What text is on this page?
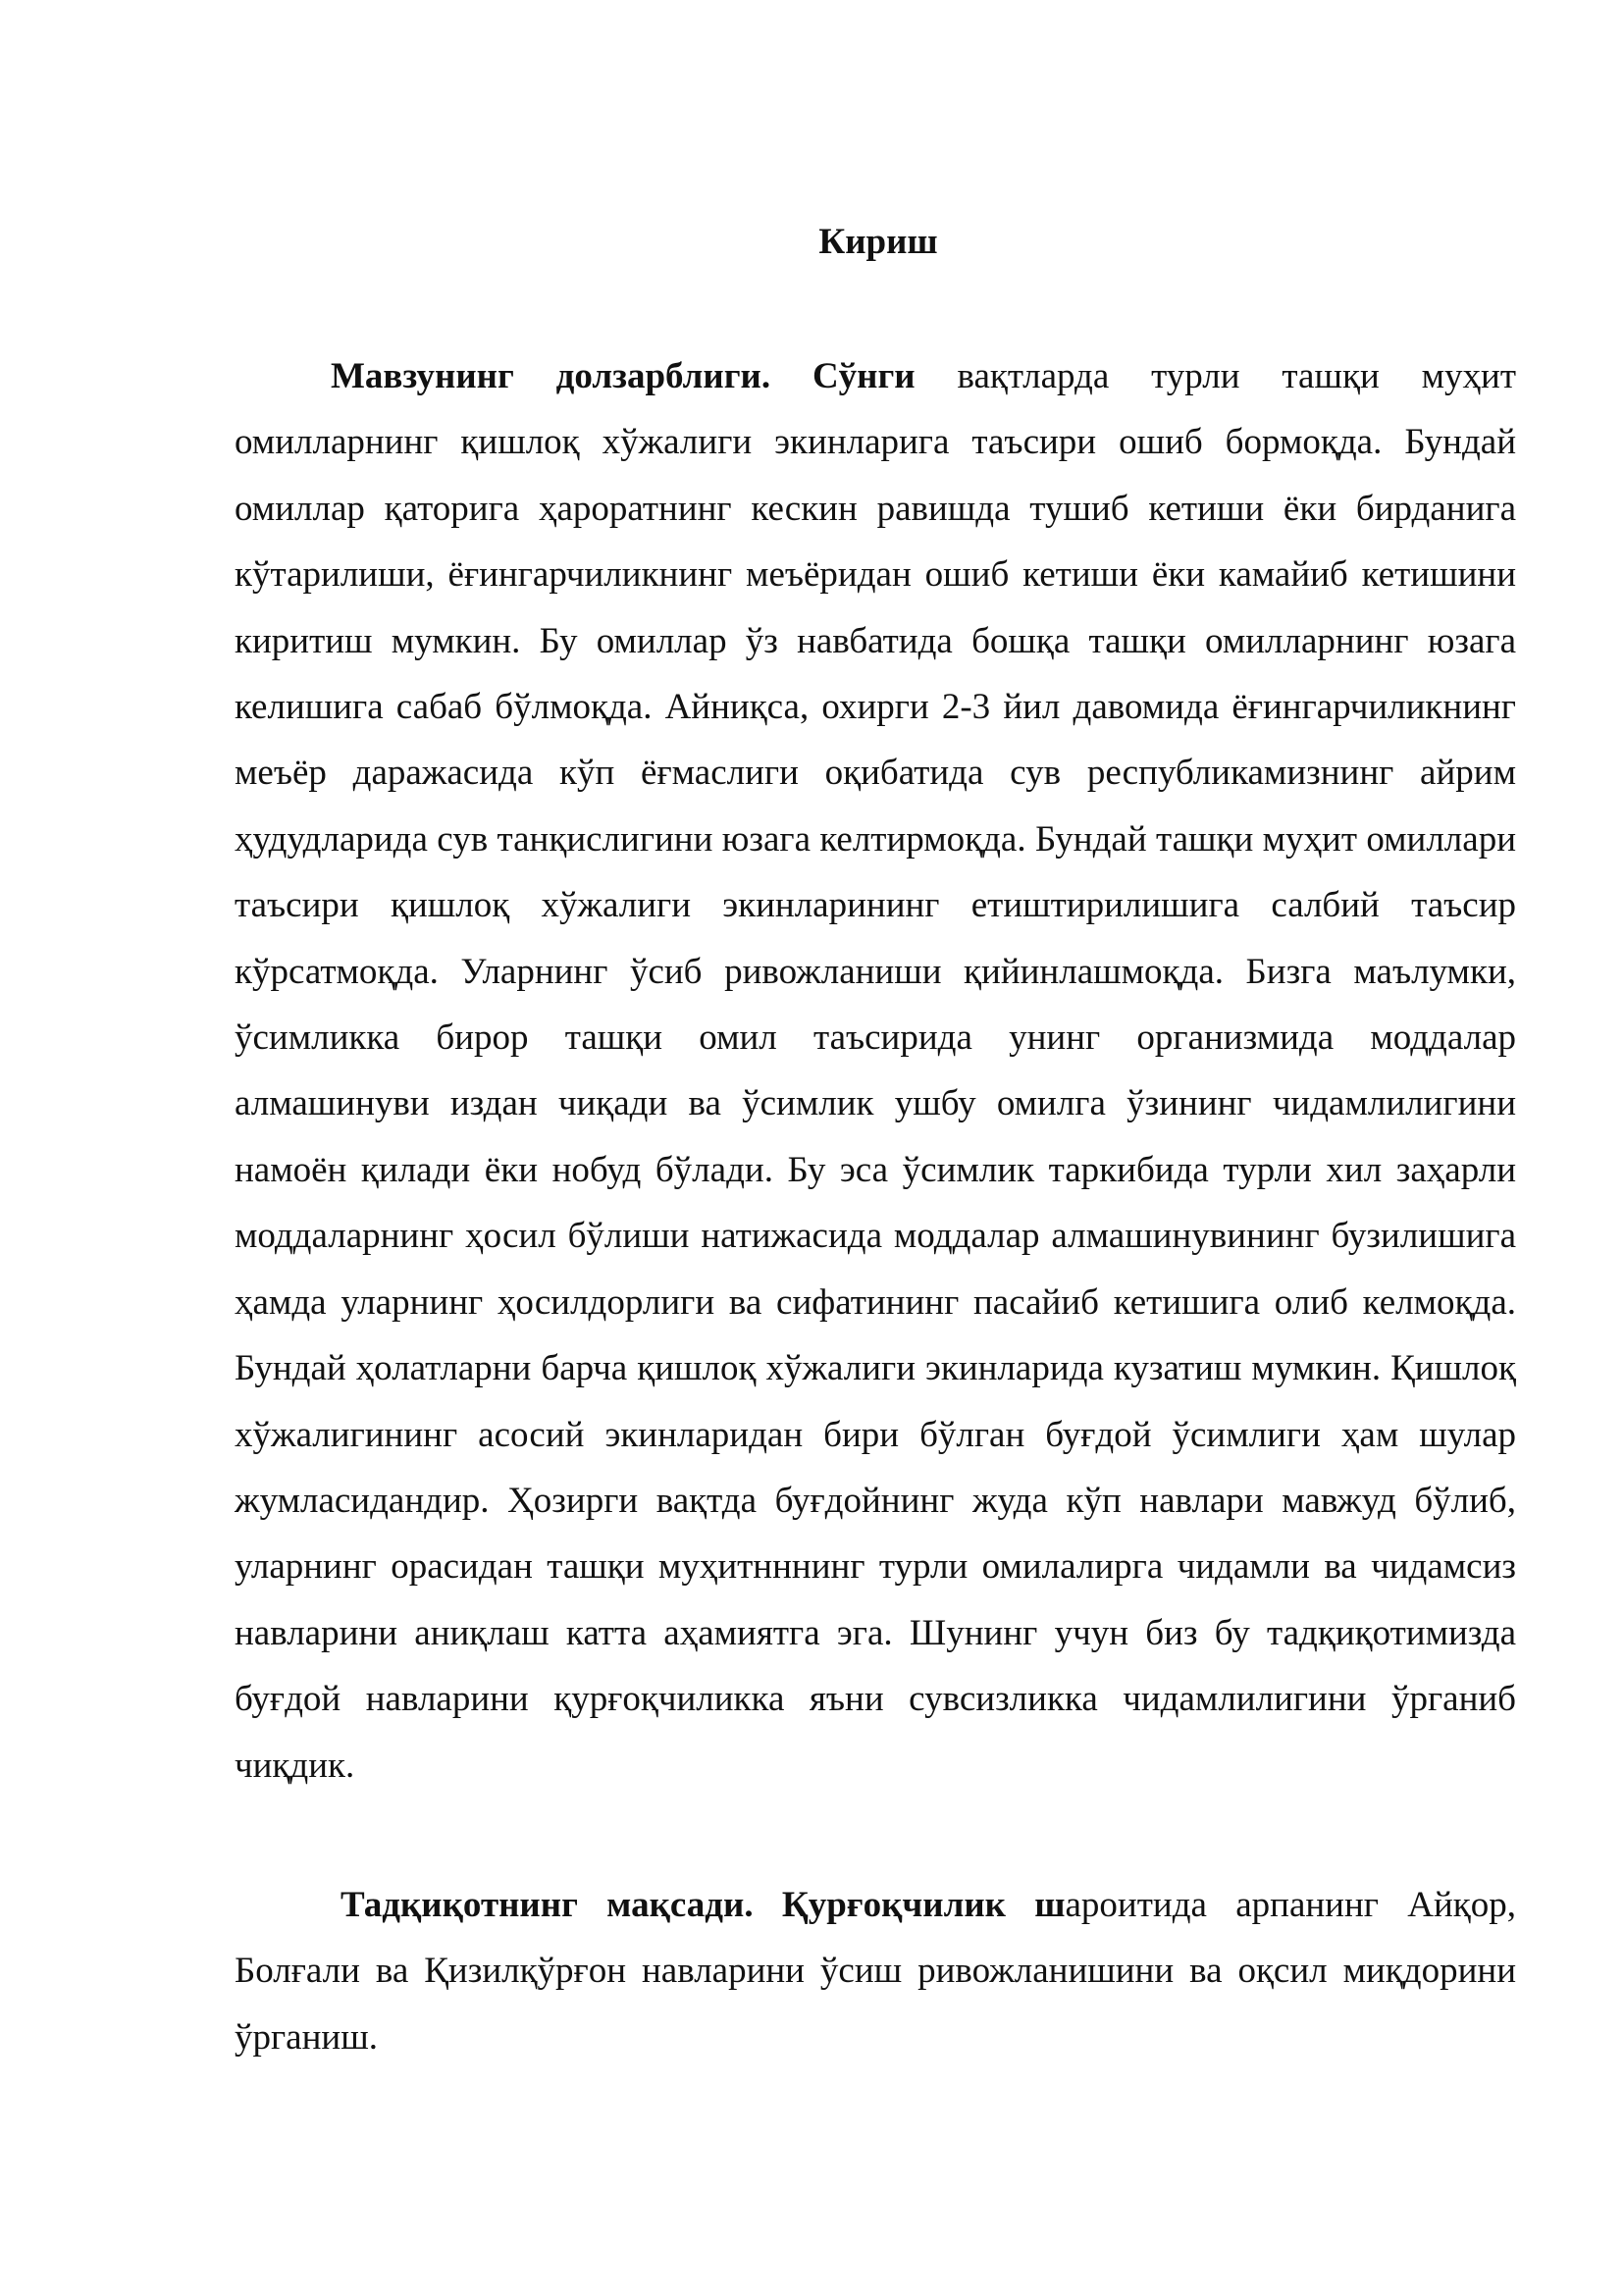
Кириш

Мавзунинг долзарблиги. Сўнги вақтларда турли ташқи муҳит омилларнинг қишлоқ хўжалиги экинларига таъсири ошиб бормоқда. Бундай омиллар қаторига ҳароратнинг кескин равишда тушиб кетиши ёки бирданига кўтарилиши, ёғингарчиликнинг меъёридан ошиб кетиши ёки камайиб кетишини киритиш мумкин. Бу омиллар ўз навбатида бошқа ташқи омилларнинг юзага келишига сабаб бўлмоқда. Айниқса, охирги 2-3 йил давомида ёғингарчиликнинг меъёр даражасида кўп ёғмаслиги оқибатида сув республикамизнинг айрим ҳудудларида сув танқислигини юзага келтирмоқда. Бундай ташқи муҳит омиллари таъсири қишлоқ хўжалиги экинларининг етиштирилишига салбий таъсир кўрсатмоқда. Уларнинг ўсиб ривожланиши қийинлашмоқда. Бизга маълумки, ўсимликка бирор ташқи омил таъсирида унинг организмида моддалар алмашинуви издан чиқади ва ўсимлик ушбу омилга ўзининг чидамлилигини намоён қилади ёки нобуд бўлади. Бу эса ўсимлик таркибида турли хил заҳарли моддаларнинг ҳосил бўлиши натижасида моддалар алмашинувининг бузилишига ҳамда уларнинг ҳосилдорлиги ва сифатининг пасайиб кетишига олиб келмоқда. Бундай ҳолатларни барча қишлоқ хўжалиги экинларида кузатиш мумкин. Қишлоқ хўжалигининг асосий экинларидан бири бўлган буғдой ўсимлиги ҳам шулар жумласидандир. Ҳозирги вақтда буғдойнинг жуда кўп навлари мавжуд бўлиб, уларнинг орасидан ташқи муҳитнннинг турли омилалирга чидамли ва чидамсиз навларини аниқлаш катта аҳамиятга эга. Шунинг учун биз бу тадқиқотимизда буғдой навларини қурғоқчиликка яъни сувсизликка чидамлилигини ўрганиб чиқдик.

Тадқиқотнинг мақсади. Қурғоқчилик шароитида арпанинг Айқор, Болғали ва Қизилқўрғон навларини ўсиш ривожланишини ва оқсил миқдорини ўрганиш.
